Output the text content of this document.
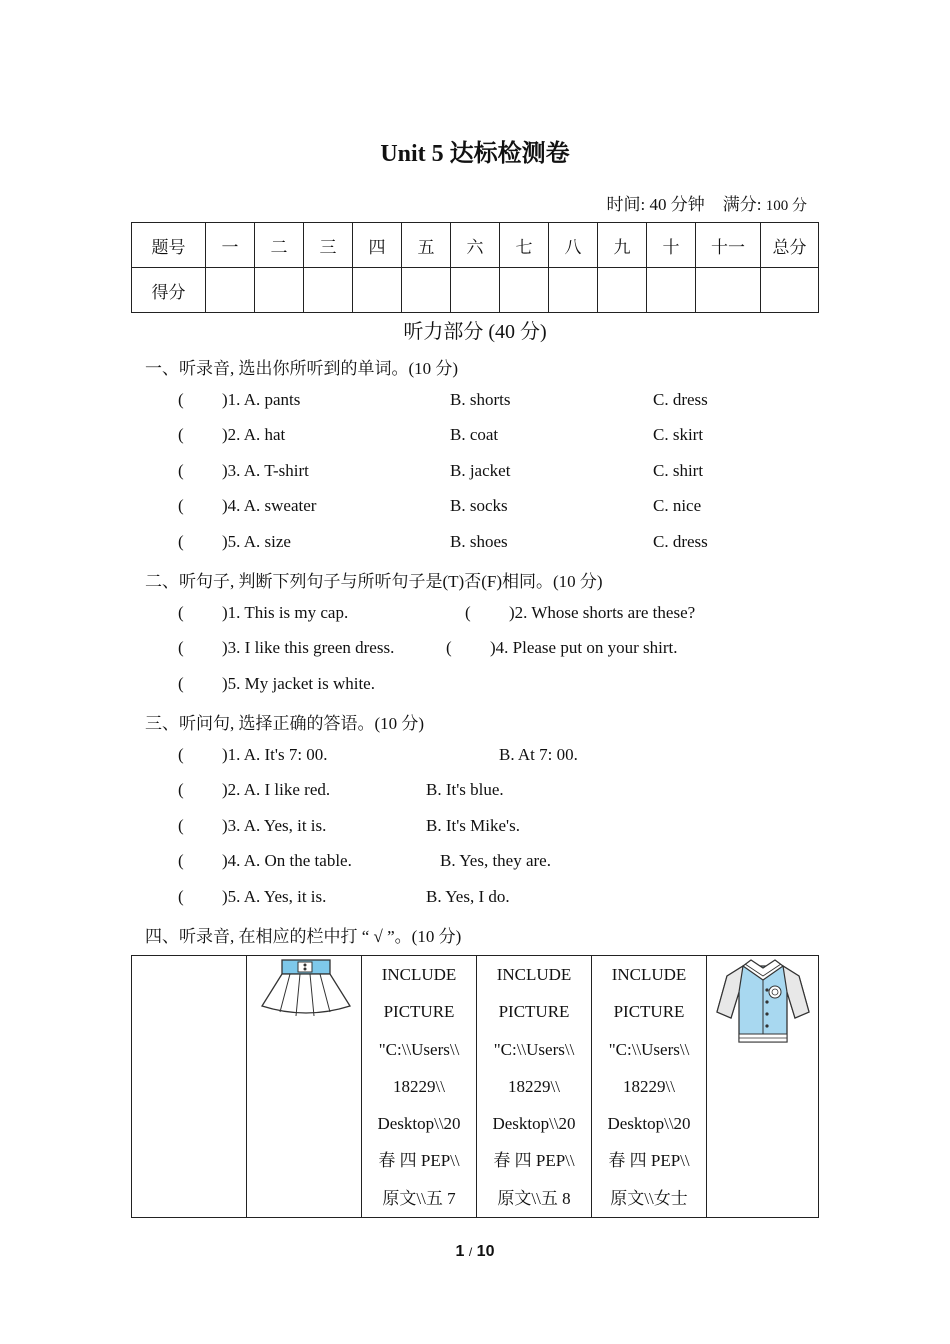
Unit 5 达标检测卷
时间: 40 分钟 满分: 100 分
题号	一	二	三	四	五	六	七	八	九	十	十一	总分
得分												
听力部分 (40 分)
一、听录音, 选出你所听到的单词。(10 分)
( )1. A. pants	B. shorts	C. dress
( )2. A. hat	B. coat	C. skirt
( )3. A. T-shirt	B. jacket	C. shirt
( )4. A. sweater	B. socks	C. nice
( )5. A. size	B. shoes	C. dress
二、听句子, 判断下列句子与所听句子是(T)否(F)相同。(10 分)
( )1. This is my cap.	( )2. Whose shorts are these?
( )3. I like this green dress.	( )4. Please put on your shirt.
( )5. My jacket is white.
三、听问句, 选择正确的答语。(10 分)
( )1. A. It's 7: 00.	B. At 7: 00.
( )2. A. I like red.	B. It's blue.
( )3. A. Yes, it is.	B. It's Mike's.
( )4. A. On the table.	B. Yes, they are.
( )5. A. Yes, it is.	B. Yes, I do.
四、听录音, 在相应的栏中打 “ √ ”。(10 分)
		INCLUDE
PICTURE
"C:\\Users\\
18229\\
Desktop\\20
春 四 PEP\\
原文\\五 7	INCLUDE
PICTURE
"C:\\Users\\
18229\\
Desktop\\20
春 四 PEP\\
原文\\五 8	INCLUDE
PICTURE
"C:\\Users\\
18229\\
Desktop\\20
春 四 PEP\\
原文\\女士	
1 / 10
